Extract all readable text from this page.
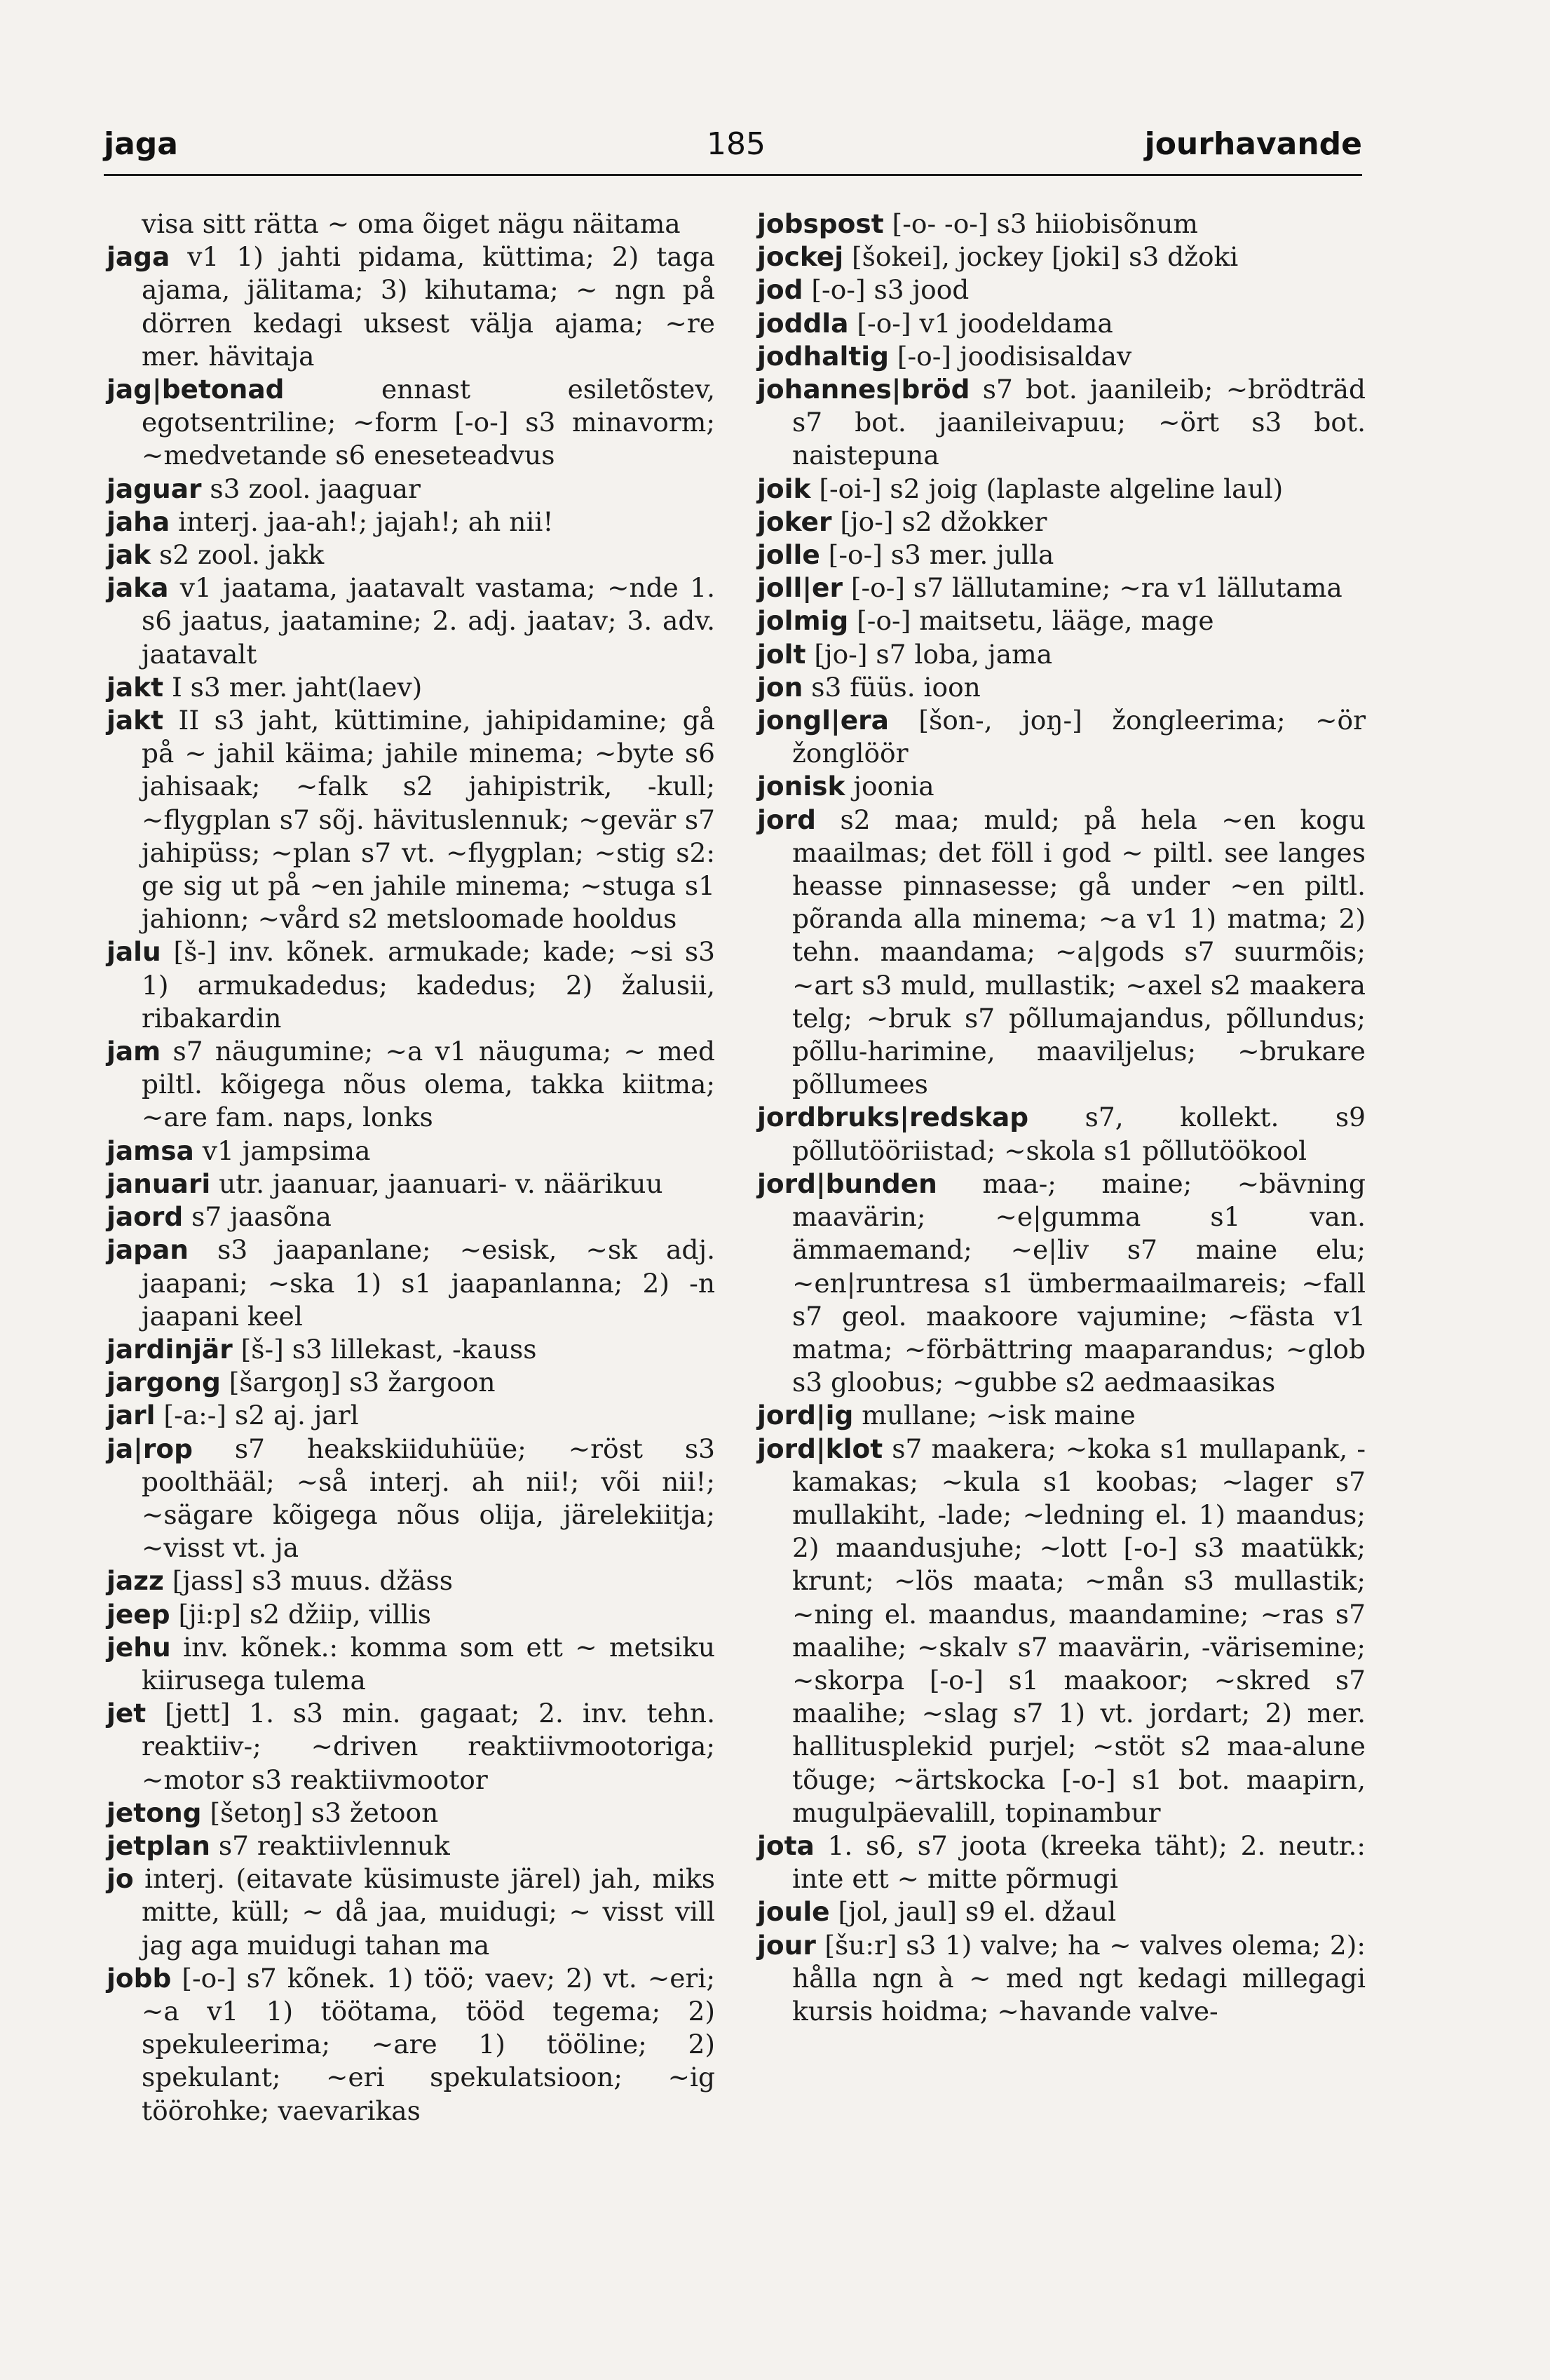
jaga	185	jourhavande

visa sitt rätta ~ oma õiget nägu näitama

jaga v1 1) jahti pidama, küttima; 2) taga ajama, jälitama; 3) kihutama; ~ ngn på dörren kedagi uksest välja ajama; ~re mer. hävitaja

jag|betonad ennast esiletõstev, egotsentriline; ~form [-o-] s3 minavorm; ~medvetande s6 eneseteadvus

jaguar s3 zool. jaaguar

jaha interj. jaa-ah!; jajah!; ah nii!

jak s2 zool. jakk

jaka v1 jaatama, jaatavalt vastama; ~nde 1. s6 jaatus, jaatamine; 2. adj. jaatav; 3. adv. jaatavalt

jakt I s3 mer. jaht(laev)

jakt II s3 jaht, küttimine, jahipidamine; gå på ~ jahil käima; jahile minema; ~byte s6 jahisaak; ~falk s2 jahipistrik, -kull; ~flygplan s7 sõj. hävituslennuk; ~gevär s7 jahipüss; ~plan s7 vt. ~flygplan; ~stig s2: ge sig ut på ~en jahile minema; ~stuga s1 jahionn; ~vård s2 metsloomade hooldus

jalu [š-] inv. kõnek. armukade; kade; ~si s3 1) armukadedus; kadedus; 2) žalusii, ribakardin

jam s7 näugumine; ~a v1 näuguma; ~ med piltl. kõigega nõus olema, takka kiitma; ~are fam. naps, lonks

jamsa v1 jampsima

januari utr. jaanuar, jaanuari- v. näärikuu

jaord s7 jaasõna

japan s3 jaapanlane; ~esisk, ~sk adj. jaapani; ~ska 1) s1 jaapanlanna; 2) -n jaapani keel

jardinjär [š-] s3 lillekast, -kauss

jargong [šargoŋ] s3 žargoon

jarl [-a:-] s2 aj. jarl

ja|rop s7 heakskiiduhüüe; ~röst s3 poolthääl; ~så interj. ah nii!; või nii!; ~sägare kõigega nõus olija, järelekiitja; ~visst vt. ja

jazz [jass] s3 muus. džäss

jeep [ji:p] s2 džiip, villis

jehu inv. kõnek.: komma som ett ~ metsiku kiirusega tulema

jet [jett] 1. s3 min. gagaat; 2. inv. tehn. reaktiiv-; ~driven reaktiivmootoriga; ~motor s3 reaktiivmootor

jetong [šetoŋ] s3 žetoon

jetplan s7 reaktiivlennuk

jo interj. (eitavate küsimuste järel) jah, miks mitte, küll; ~ då jaa, muidugi; ~ visst vill jag aga muidugi tahan ma

jobb [-o-] s7 kõnek. 1) töö; vaev; 2) vt. ~eri; ~a v1 1) töötama, tööd tegema; 2) spekuleerima; ~are 1) tööline; 2) spekulant; ~eri spekulatsioon; ~ig töörohke; vaevarikas

jobspost [-o- -o-] s3 hiiobisõnum

jockej [šokei], jockey [joki] s3 džoki

jod [-o-] s3 jood

joddla [-o-] v1 joodeldama

jodhaltig [-o-] joodisisaldav

johannes|bröd s7 bot. jaanileib; ~brödträd s7 bot. jaanileivapuu; ~ört s3 bot. naistepuna

joik [-oi-] s2 joig (laplaste algeline laul)

joker [jo-] s2 džokker

jolle [-o-] s3 mer. julla

joll|er [-o-] s7 lällutamine; ~ra v1 lällutama

jolmig [-o-] maitsetu, lääge, mage

jolt [jo-] s7 loba, jama

jon s3 füüs. ioon

jongl|era [šon-, joŋ-] žongleerima; ~ör žonglöör

jonisk joonia

jord s2 maa; muld; på hela ~en kogu maailmas; det föll i god ~ piltl. see langes heasse pinnasesse; gå under ~en piltl. põranda alla minema; ~a v1 1) matma; 2) tehn. maandama; ~a|gods s7 suurmõis; ~art s3 muld, mullastik; ~axel s2 maakera telg; ~bruk s7 põllumajandus, põllundus; põllu-harimine, maaviljelus; ~brukare põllumees

jordbruks|redskap s7, kollekt. s9 põllutööriistad; ~skola s1 põllutöökool

jord|bunden maa-; maine; ~bävning maavärin; ~e|gumma s1 van. ämmaemand; ~e|liv s7 maine elu; ~en|runtresa s1 ümbermaailmareis; ~fall s7 geol. maakoore vajumine; ~fästa v1 matma; ~förbättring maaparandus; ~glob s3 gloobus; ~gubbe s2 aedmaasikas

jord|ig mullane; ~isk maine

jord|klot s7 maakera; ~koka s1 mullapank, -kamakas; ~kula s1 koobas; ~lager s7 mullakiht, -lade; ~ledning el. 1) maandus; 2) maandusjuhe; ~lott [-o-] s3 maatükk; krunt; ~lös maata; ~mån s3 mullastik; ~ning el. maandus, maandamine; ~ras s7 maalihe; ~skalv s7 maavärin, -värisemine; ~skorpa [-o-] s1 maakoor; ~skred s7 maalihe; ~slag s7 1) vt. jordart; 2) mer. hallitusplekid purjel; ~stöt s2 maa-alune tõuge; ~ärtskocka [-o-] s1 bot. maapirn, mugulpäevalill, topinambur

jota 1. s6, s7 joota (kreeka täht); 2. neutr.: inte ett ~ mitte põrmugi

joule [jol, jaul] s9 el. džaul

jour [šu:r] s3 1) valve; ha ~ valves olema; 2): hålla ngn à ~ med ngt kedagi millegagi kursis hoidma; ~havande valve-
